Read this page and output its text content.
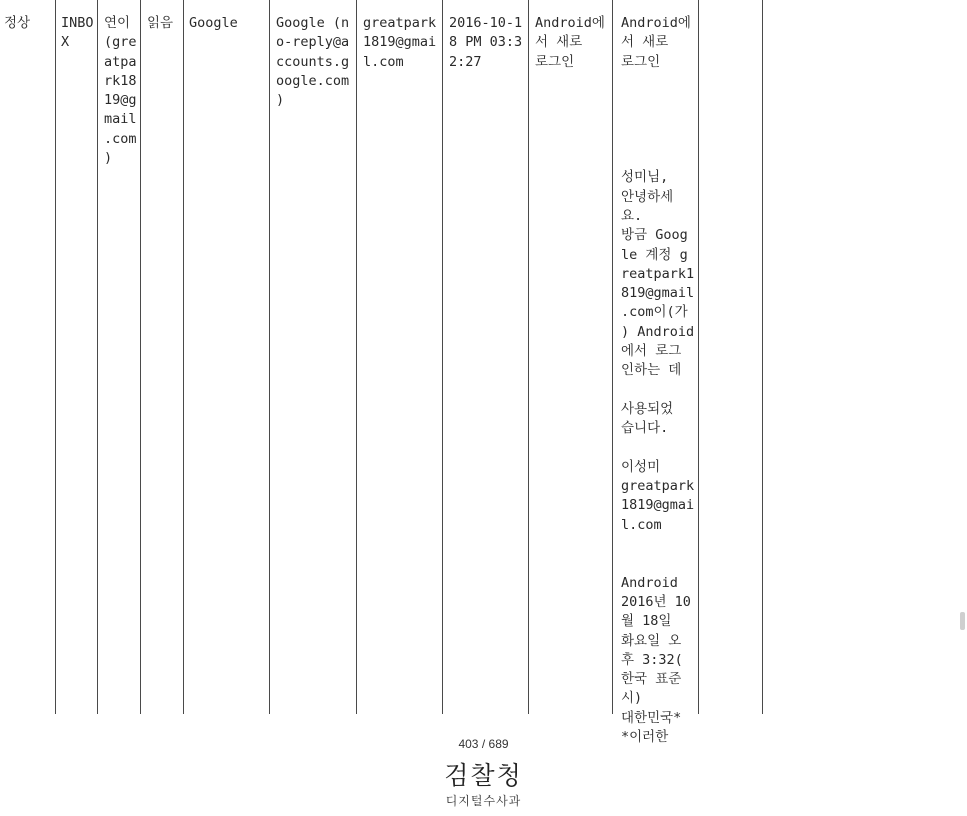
정상 INBO
X
연이
(gre
atpa
rk18
19@g
mail
.com
)
읽음 Google	Google (n
o-reply@a
ccounts.g
oogle.com
)
greatpark
1819@gmai
l.com
2016-10-1
8 PM 03:3
2:27
Android에
서 새로
로그인
Android에
서 새로
로그인

성미님,
안녕하세
요.
방금 Goog
le 계정 g
reatpark1
819@gmail
.com이(가
) Android
에서 로그
인하는 데

사용되었
습니다.

이성미
greatpark
1819@gmai
l.com

Android
2016년 10
월 18일
화요일 오
후 3:32(
한국 표준
시)
대한민국*
*이러한
403 / 689
검찰청
디지털수사과
